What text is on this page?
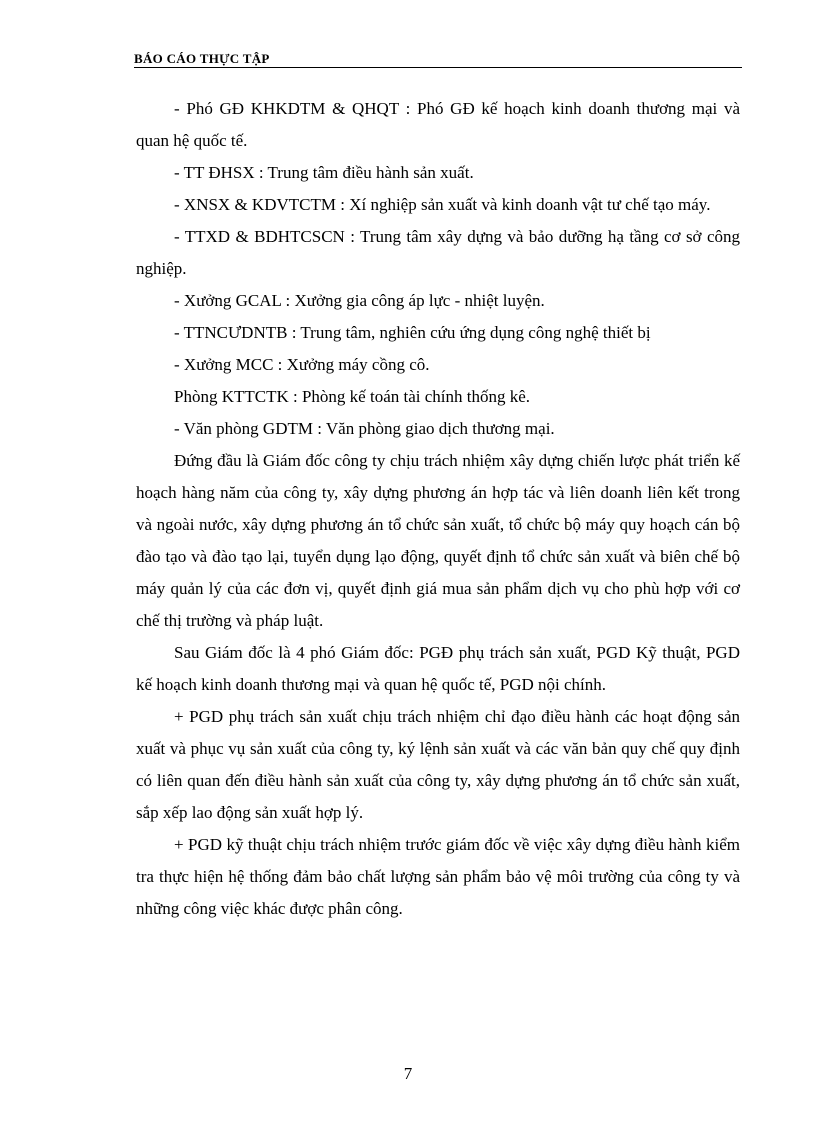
BÁO CÁO THỰC TẬP

- Phó GĐ KHKDTM & QHQT : Phó GĐ kế hoạch kinh doanh thương mại và quan hệ quốc tế.

- TT ĐHSX : Trung tâm điều hành sản xuất.

- XNSX & KDVTCTM : Xí nghiệp sản xuất và kinh doanh vật tư chế tạo máy.

- TTXD & BDHTCSCN : Trung tâm xây dựng và bảo dưỡng hạ tầng cơ sở công nghiệp.

- Xưởng GCAL : Xưởng gia công áp lực - nhiệt luyện.

- TTNCƯDNTB : Trung tâm, nghiên cứu ứng dụng công nghệ thiết bị

- Xưởng MCC : Xưởng máy cồng cô.

Phòng KTTCTK : Phòng kế toán tài chính thống kê.

- Văn phòng GDTM : Văn phòng giao dịch thương mại.

Đứng đầu là Giám đốc công ty chịu trách nhiệm xây dựng chiến lược phát triển kế hoạch hàng năm của công ty, xây dựng phương án hợp tác và liên doanh liên kết trong và ngoài nước, xây dựng phương án tổ chức sản xuất, tổ chức bộ máy quy hoạch cán bộ đào tạo và đào tạo lại, tuyển dụng lạo động, quyết định tổ chức sản xuất và biên chế bộ máy quản lý của các đơn vị, quyết định giá mua sản phẩm dịch vụ cho phù hợp với cơ chế thị trường và pháp luật.

Sau Giám đốc là 4 phó Giám đốc: PGĐ phụ trách sản xuất, PGD Kỹ thuật, PGD kế hoạch kinh doanh thương mại và quan hệ quốc tế, PGD nội chính.

+ PGD phụ trách sản xuất chịu trách nhiệm chỉ đạo điều hành các hoạt động sản xuất và phục vụ sản xuất của công ty, ký lệnh sản xuất và các văn bản quy chế quy định có liên quan đến điều hành sản xuất của công ty, xây dựng phương án tổ chức sản xuất, sắp xếp lao động sản xuất hợp lý.

+ PGD kỹ thuật chịu trách nhiệm trước giám đốc về việc xây dựng điều hành kiểm tra thực hiện hệ thống đảm bảo chất lượng sản phẩm bảo vệ môi trường của công ty và những công việc khác được phân công.

7
